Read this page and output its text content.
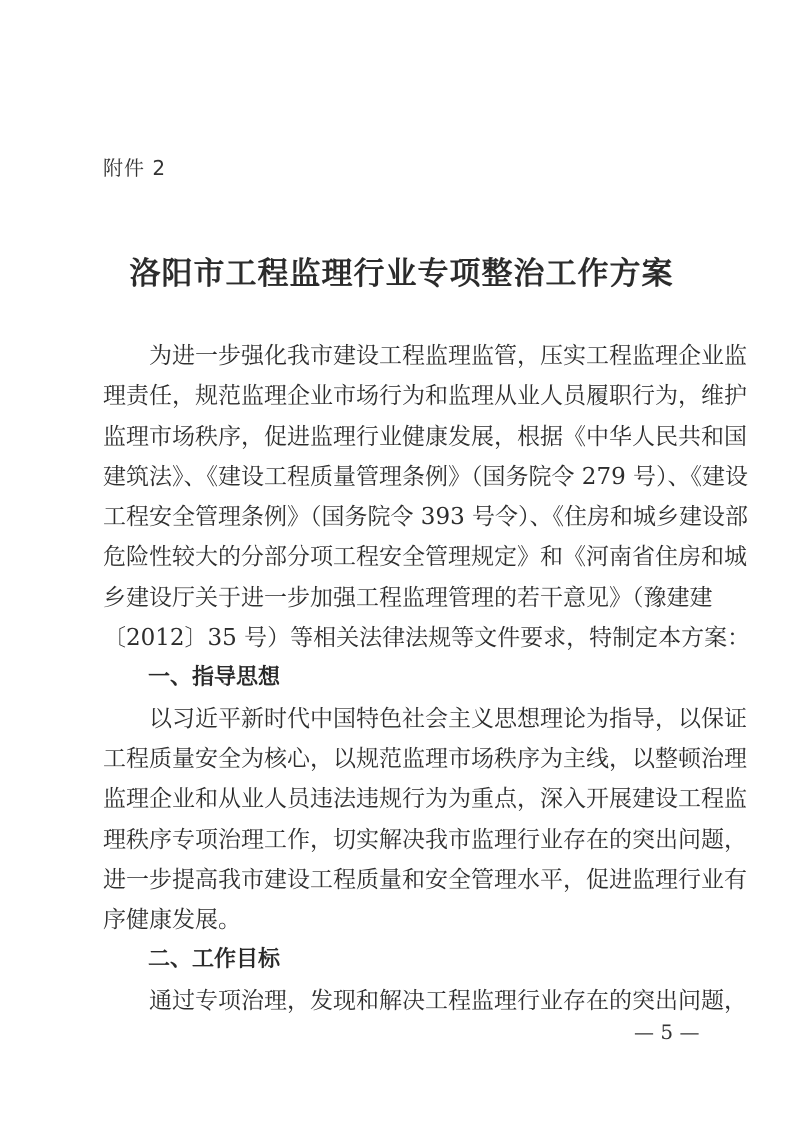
附件 2
洛阳市工程监理行业专项整治工作方案
为进一步强化我市建设工程监理监管，压实工程监理企业监
理责任，规范监理企业市场行为和监理从业人员履职行为，维护
监理市场秩序，促进监理行业健康发展，根据《中华人民共和国
建筑法》、《建设工程质量管理条例》（国务院令 279 号）、《建设
工程安全管理条例》（国务院令 393 号令）、《住房和城乡建设部
危险性较大的分部分项工程安全管理规定》和《河南省住房和城
乡建设厅关于进一步加强工程监理管理的若干意见》（豫建建
〔2012〕35 号）等相关法律法规等文件要求，特制定本方案：
一、指导思想
以习近平新时代中国特色社会主义思想理论为指导，以保证
工程质量安全为核心，以规范监理市场秩序为主线，以整顿治理
监理企业和从业人员违法违规行为为重点，深入开展建设工程监
理秩序专项治理工作，切实解决我市监理行业存在的突出问题，
进一步提高我市建设工程质量和安全管理水平，促进监理行业有
序健康发展。
二、工作目标
通过专项治理，发现和解决工程监理行业存在的突出问题，
— 5 —
